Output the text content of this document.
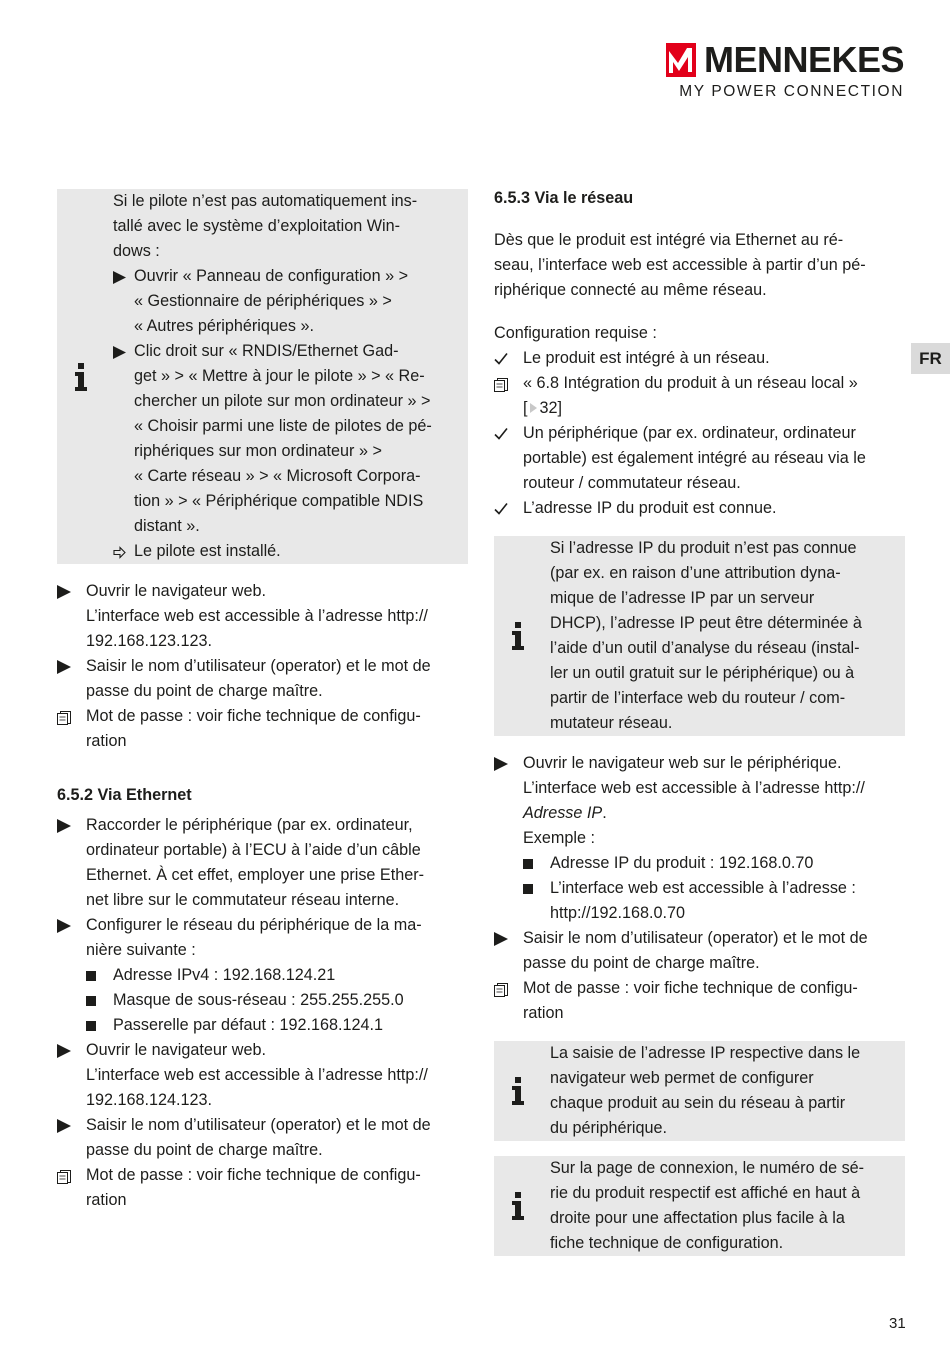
MENNEKES
MY POWER CONNECTION
FR
Si le pilote n’est pas automatiquement ins-
tallé avec le système d’exploitation Win-
dows :
Ouvrir « Panneau de configuration » >
« Gestionnaire de périphériques » >
« Autres périphériques ».
Clic droit sur « RNDIS/Ethernet Gad-
get » > « Mettre à jour le pilote » > « Re-
chercher un pilote sur mon ordinateur » >
« Choisir parmi une liste de pilotes de pé-
riphériques sur mon ordinateur » >
« Carte réseau » > « Microsoft Corpora-
tion » > « Périphérique compatible NDIS
distant ».
Le pilote est installé.
Ouvrir le navigateur web.
L’interface web est accessible à l’adresse http://
192.168.123.123.
Saisir le nom d’utilisateur (operator) et le mot de
passe du point de charge maître.
Mot de passe : voir fiche technique de configu-
ration
6.5.2 Via Ethernet
Raccorder le périphérique (par ex. ordinateur,
ordinateur portable) à l’ECU à l’aide d’un câble
Ethernet. À cet effet, employer une prise Ether-
net libre sur le commutateur réseau interne.
Configurer le réseau du périphérique de la ma-
nière suivante :
Adresse IPv4 : 192.168.124.21
Masque de sous-réseau : 255.255.255.0
Passerelle par défaut : 192.168.124.1
Ouvrir le navigateur web.
L’interface web est accessible à l’adresse http://
192.168.124.123.
Saisir le nom d’utilisateur (operator) et le mot de
passe du point de charge maître.
Mot de passe : voir fiche technique de configu-
ration
6.5.3 Via le réseau
Dès que le produit est intégré via Ethernet au ré-
seau, l’interface web est accessible à partir d’un pé-
riphérique connecté au même réseau.
Configuration requise :
Le produit est intégré à un réseau.
« 6.8 Intégration du produit à un réseau local »
[ 32]
Un périphérique (par ex. ordinateur, ordinateur
portable) est également intégré au réseau via le
routeur / commutateur réseau.
L’adresse IP du produit est connue.
Si l’adresse IP du produit n’est pas connue
(par ex. en raison d’une attribution dyna-
mique de l’adresse IP par un serveur
DHCP), l’adresse IP peut être déterminée à
l’aide d’un outil d’analyse du réseau (instal-
ler un outil gratuit sur le périphérique) ou à
partir de l’interface web du routeur / com-
mutateur réseau.
Ouvrir le navigateur web sur le périphérique.
L’interface web est accessible à l’adresse http://
Adresse IP.
Exemple :
Adresse IP du produit : 192.168.0.70
L’interface web est accessible à l’adresse :
http://192.168.0.70
Saisir le nom d’utilisateur (operator) et le mot de
passe du point de charge maître.
Mot de passe : voir fiche technique de configu-
ration
La saisie de l’adresse IP respective dans le
navigateur web permet de configurer
chaque produit au sein du réseau à partir
du périphérique.
Sur la page de connexion, le numéro de sé-
rie du produit respectif est affiché en haut à
droite pour une affectation plus facile à la
fiche technique de configuration.
31
